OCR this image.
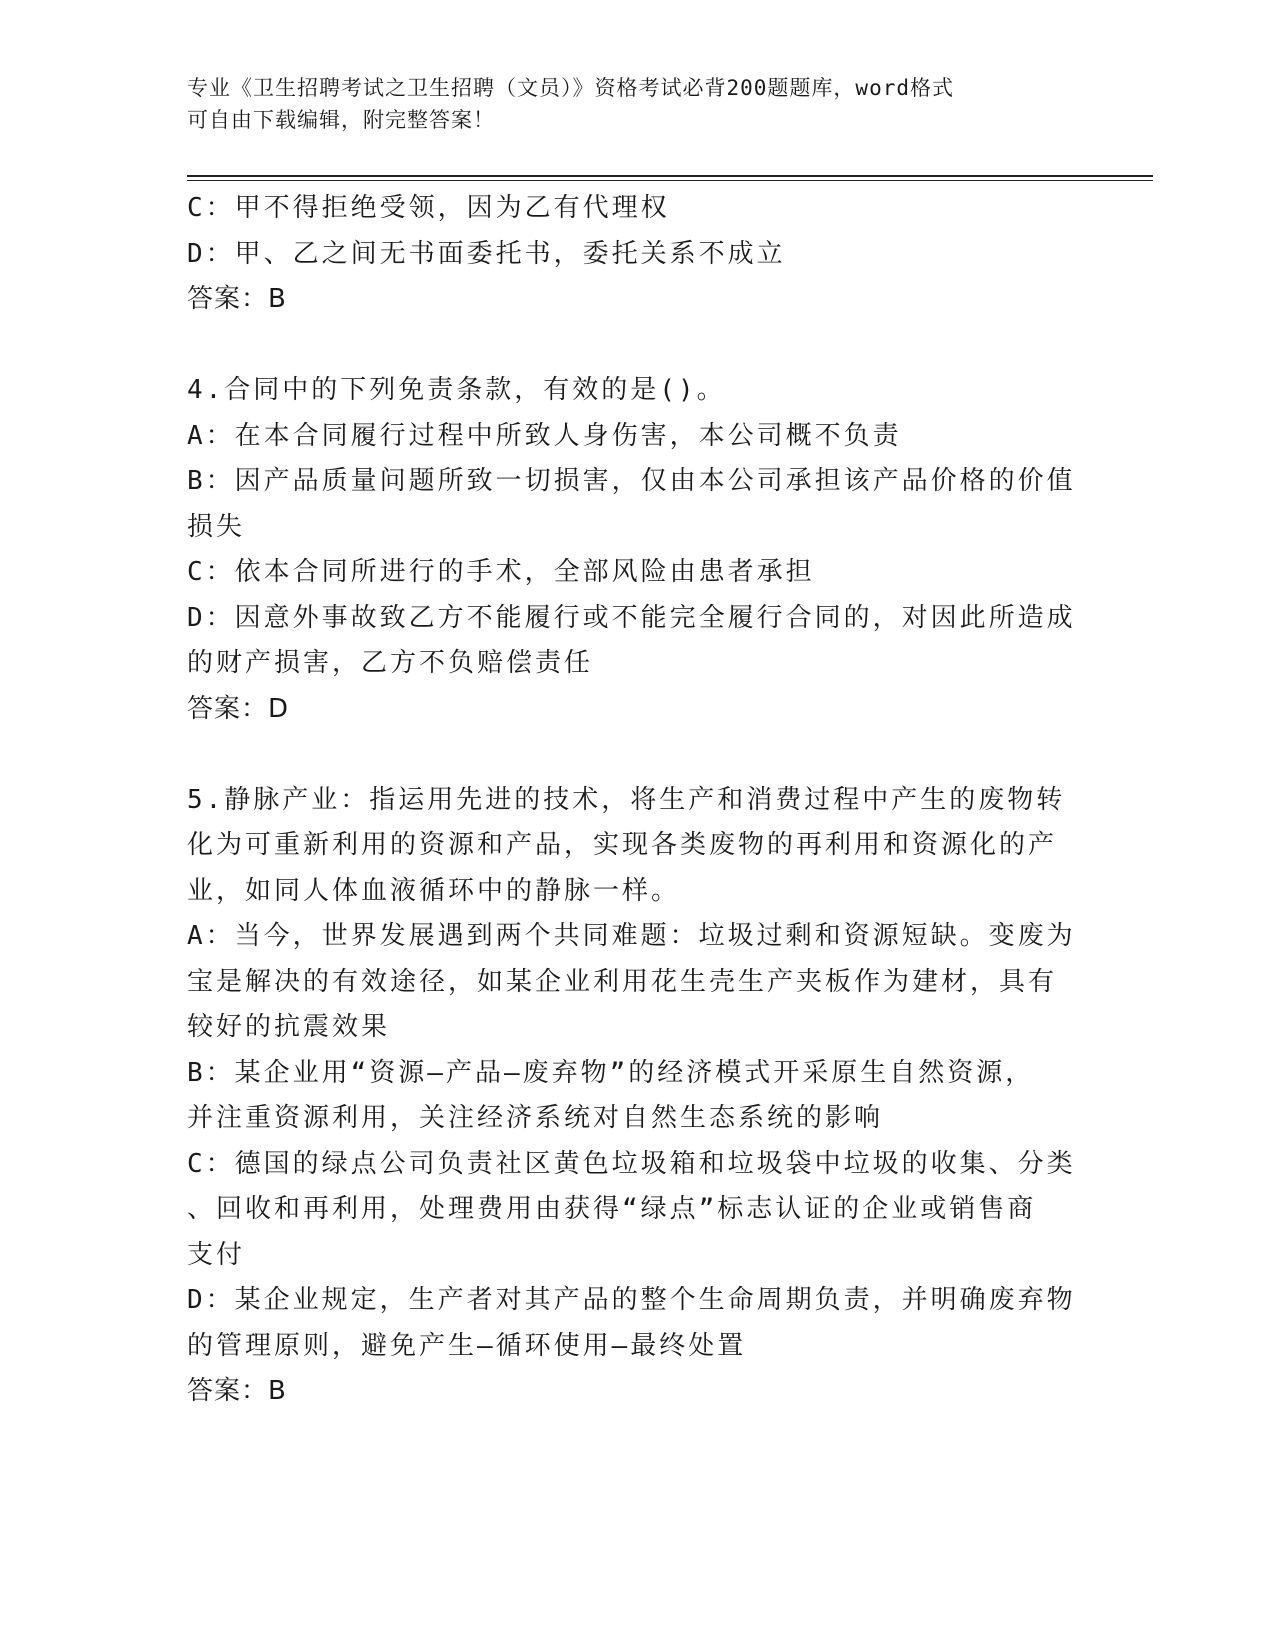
专业《卫生招聘考试之卫生招聘（文员）》资格考试必背200题题库，word格式
可自由下载编辑，附完整答案！
C：甲不得拒绝受领，因为乙有代理权
D：甲、乙之间无书面委托书，委托关系不成立
答案：B
4.合同中的下列免责条款，有效的是()。
A：在本合同履行过程中所致人身伤害，本公司概不负责
B：因产品质量问题所致一切损害，仅由本公司承担该产品价格的价值
损失
C：依本合同所进行的手术，全部风险由患者承担
D：因意外事故致乙方不能履行或不能完全履行合同的，对因此所造成
的财产损害，乙方不负赔偿责任
答案：D
5.静脉产业：指运用先进的技术，将生产和消费过程中产生的废物转
化为可重新利用的资源和产品，实现各类废物的再利用和资源化的产
业，如同人体血液循环中的静脉一样。
A：当今，世界发展遇到两个共同难题：垃圾过剩和资源短缺。变废为
宝是解决的有效途径，如某企业利用花生壳生产夹板作为建材，具有
较好的抗震效果
B：某企业用“资源—产品—废弃物”的经济模式开采原生自然资源，
并注重资源利用，关注经济系统对自然生态系统的影响
C：德国的绿点公司负责社区黄色垃圾箱和垃圾袋中垃圾的收集、分类
、回收和再利用，处理费用由获得“绿点”标志认证的企业或销售商
支付
D：某企业规定，生产者对其产品的整个生命周期负责，并明确废弃物
的管理原则，避免产生—循环使用—最终处置
答案：B
